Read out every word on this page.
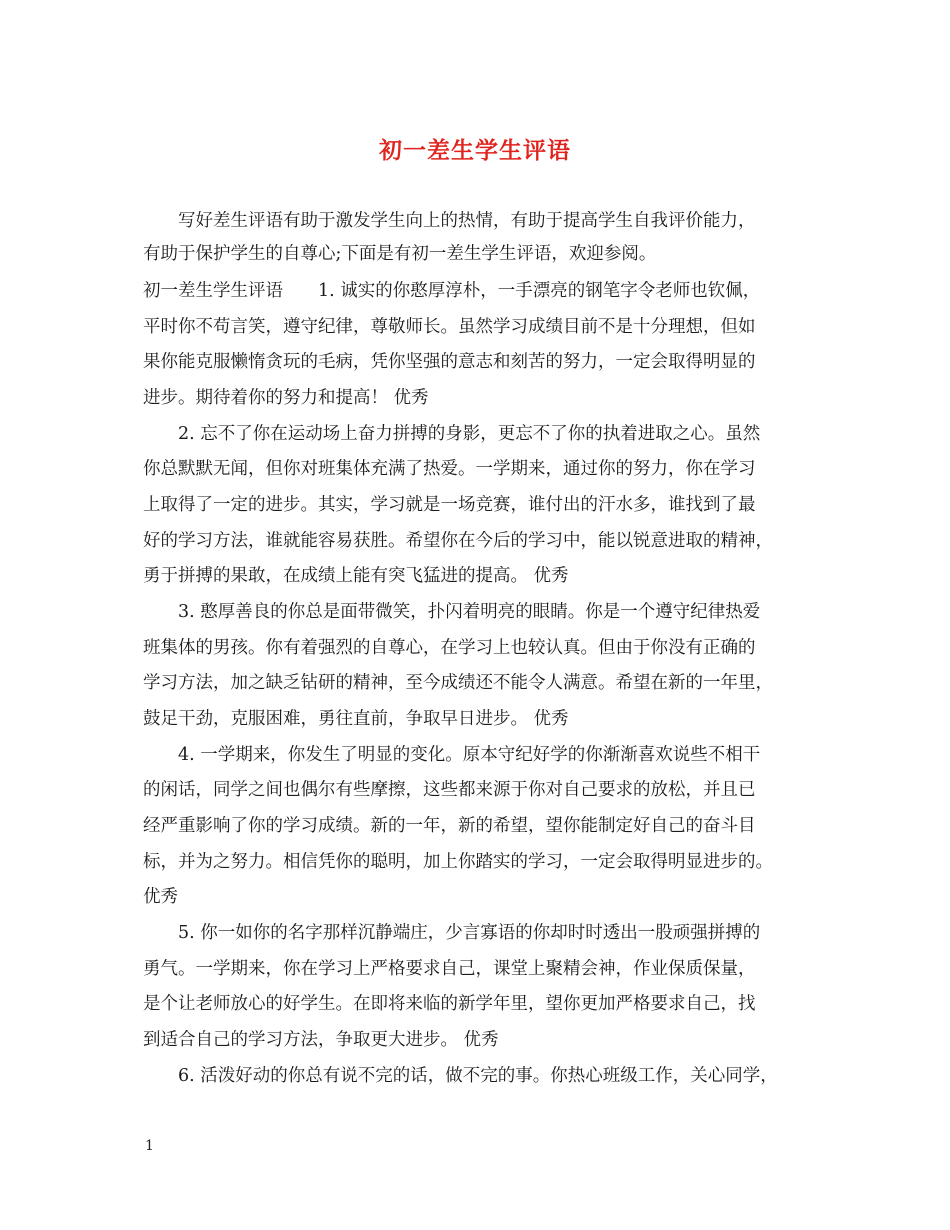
初一差生学生评语
　　写好差生评语有助于激发学生向上的热情，有助于提高学生自我评价能力，
有助于保护学生的自尊心;下面是有初一差生学生评语，欢迎参阅。
初一差生学生评语　　1. 诚实的你憨厚淳朴，一手漂亮的钢笔字令老师也钦佩，
平时你不苟言笑，遵守纪律，尊敬师长。虽然学习成绩目前不是十分理想，但如
果你能克服懒惰贪玩的毛病，凭你坚强的意志和刻苦的努力，一定会取得明显的
进步。期待着你的努力和提高！ 优秀
　　2. 忘不了你在运动场上奋力拼搏的身影，更忘不了你的执着进取之心。虽然
你总默默无闻，但你对班集体充满了热爱。一学期来，通过你的努力，你在学习
上取得了一定的进步。其实，学习就是一场竞赛，谁付出的汗水多，谁找到了最
好的学习方法，谁就能容易获胜。希望你在今后的学习中，能以锐意进取的精神，
勇于拼搏的果敢，在成绩上能有突飞猛进的提高。 优秀
　　3. 憨厚善良的你总是面带微笑，扑闪着明亮的眼睛。你是一个遵守纪律热爱
班集体的男孩。你有着强烈的自尊心，在学习上也较认真。但由于你没有正确的
学习方法，加之缺乏钻研的精神，至今成绩还不能令人满意。希望在新的一年里，
鼓足干劲，克服困难，勇往直前，争取早日进步。 优秀
　　4. 一学期来，你发生了明显的变化。原本守纪好学的你渐渐喜欢说些不相干
的闲话，同学之间也偶尔有些摩擦，这些都来源于你对自己要求的放松，并且已
经严重影响了你的学习成绩。新的一年，新的希望，望你能制定好自己的奋斗目
标，并为之努力。相信凭你的聪明，加上你踏实的学习，一定会取得明显进步的。
优秀
　　5. 你一如你的名字那样沉静端庄，少言寡语的你却时时透出一股顽强拼搏的
勇气。一学期来，你在学习上严格要求自己，课堂上聚精会神，作业保质保量，
是个让老师放心的好学生。在即将来临的新学年里，望你更加严格要求自己，找
到适合自己的学习方法，争取更大进步。 优秀
　　6. 活泼好动的你总有说不完的话，做不完的事。你热心班级工作，关心同学，
1
